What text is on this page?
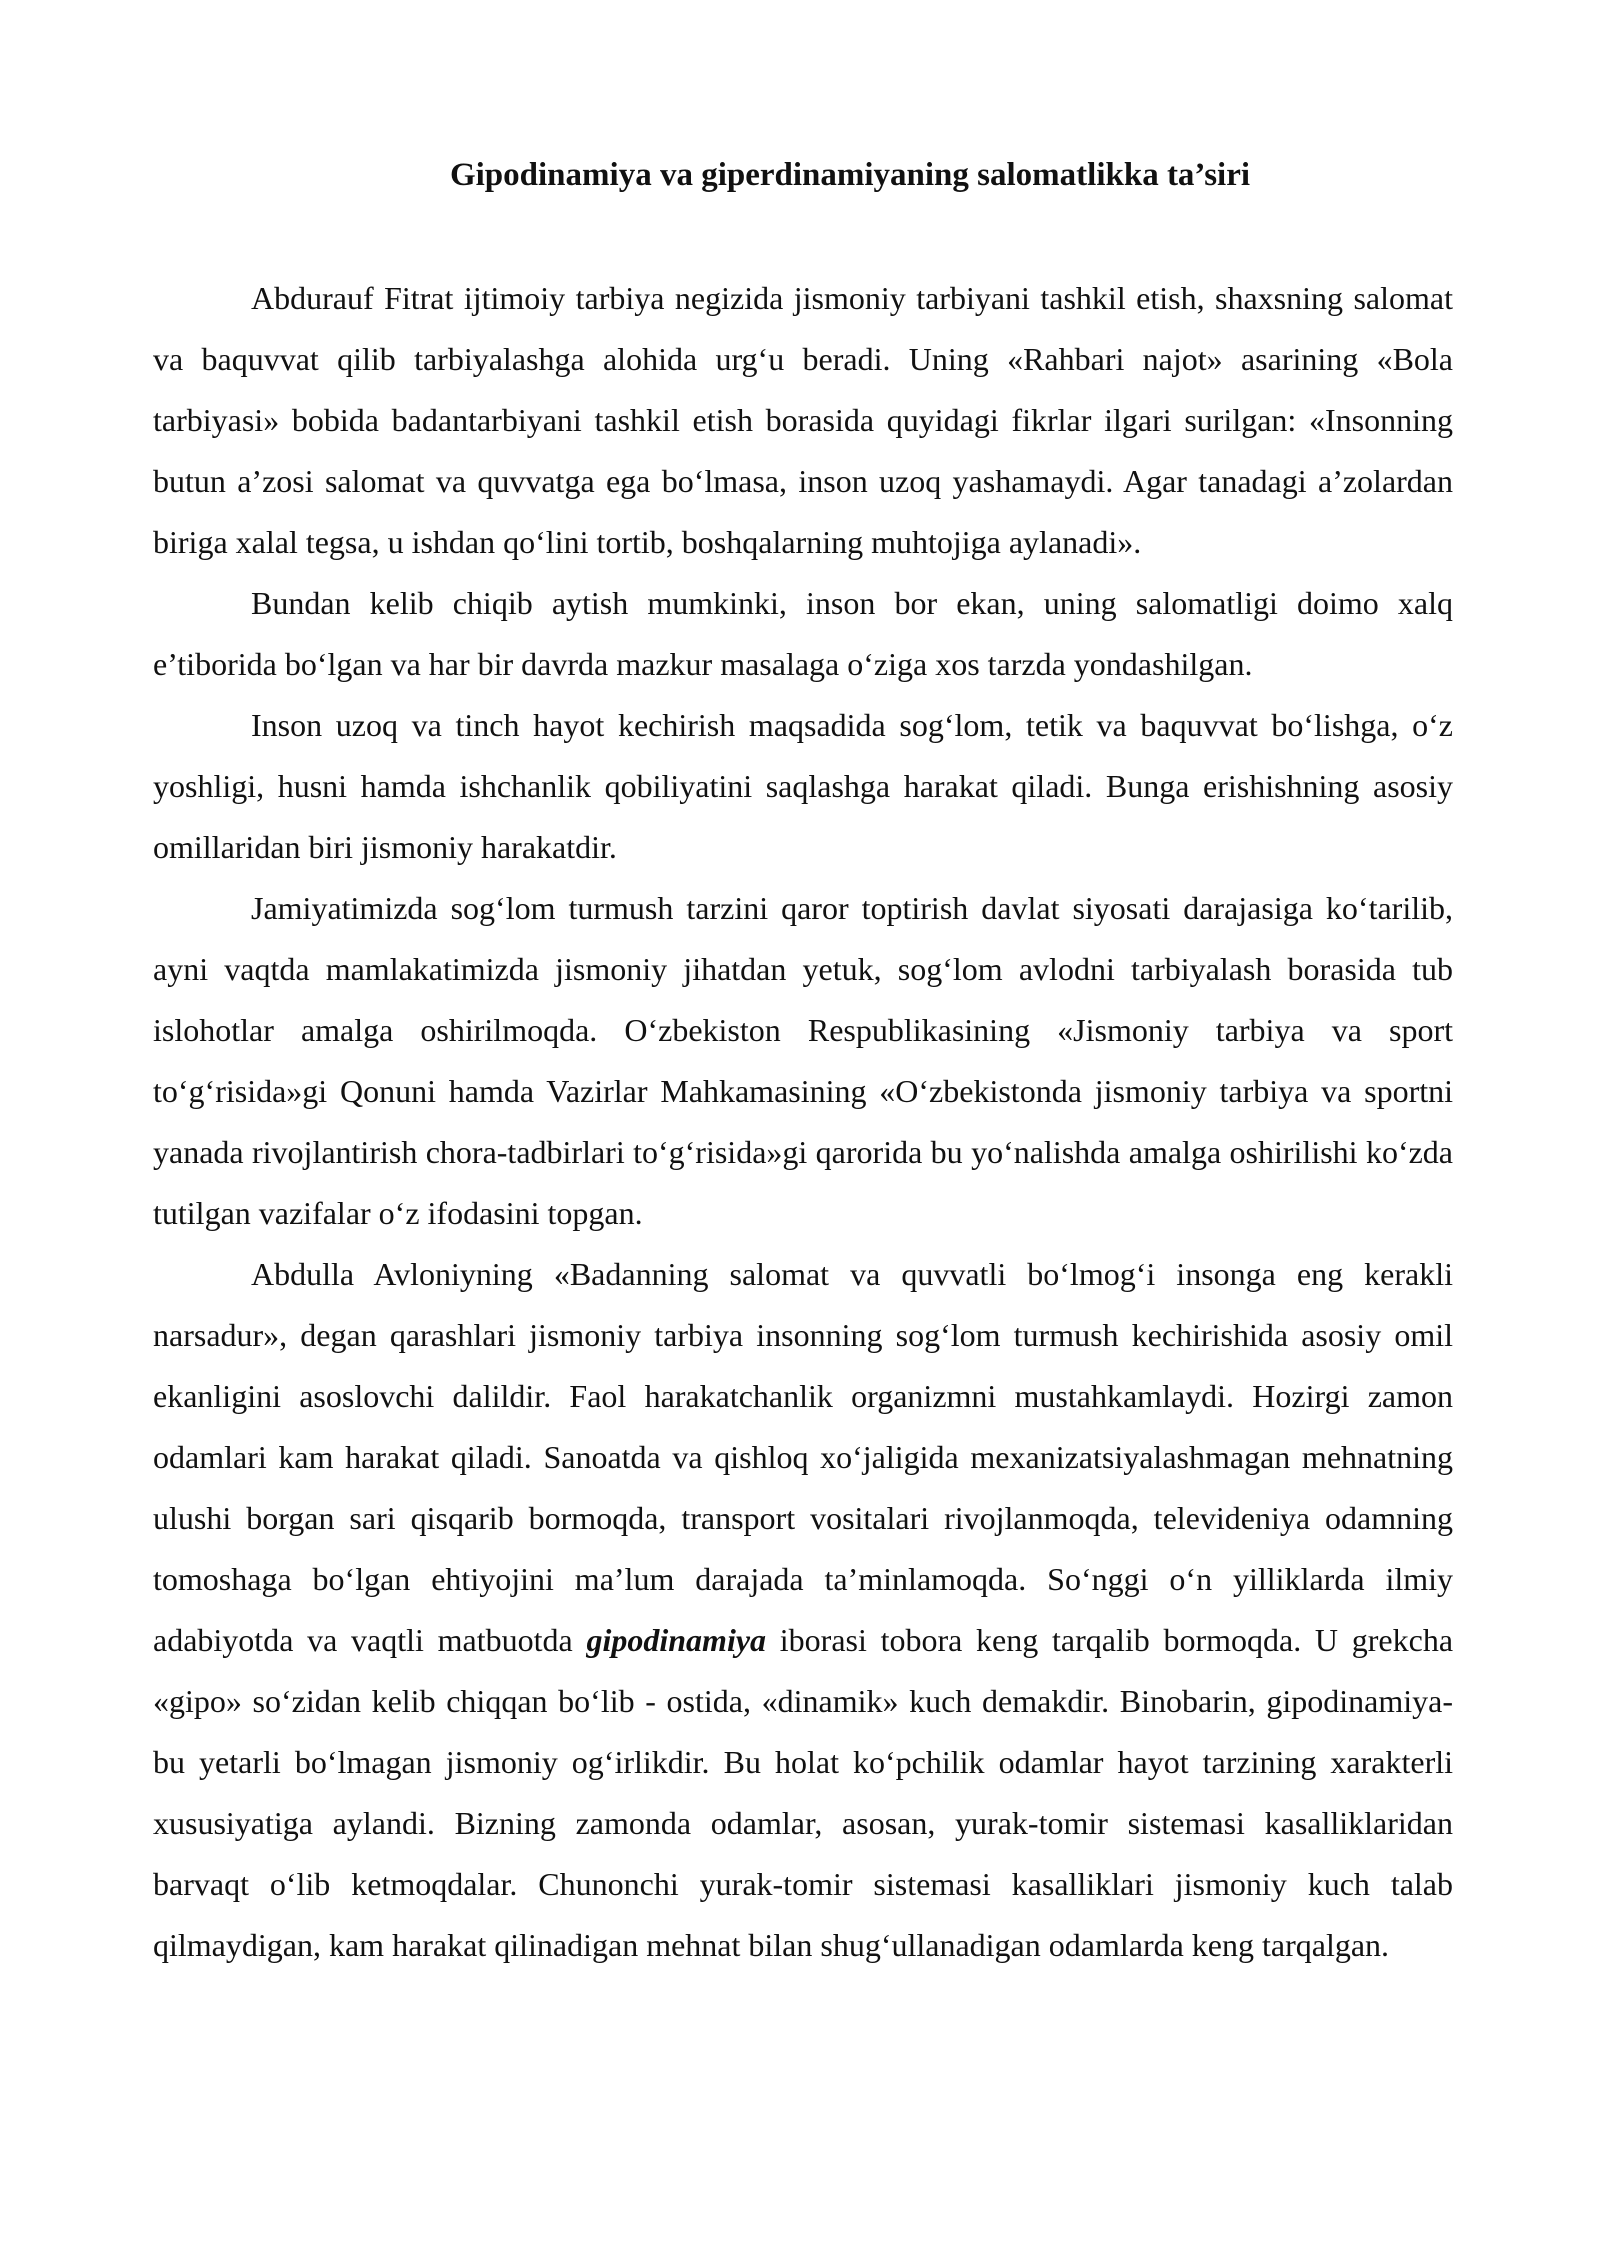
Gipodinamiya va giperdinamiyaning salomatlikka ta’siri

Abdurauf Fitrat ijtimoiy tarbiya negizida jismoniy tarbiyani tashkil etish, shaxsning salomat va baquvvat qilib tarbiyalashga alohida urg‘u beradi. Uning «Rahbari najot» asarining «Bola tarbiyasi» bobida badantarbiyani tashkil etish borasida quyidagi fikrlar ilgari surilgan: «Insonning butun a’zosi salomat va quvvatga ega bo‘lmasa, inson uzoq yashamaydi. Agar tanadagi a’zolardan biriga xalal tegsa, u ishdan qo‘lini tortib, boshqalarning muhtojiga aylanadi».

Bundan kelib chiqib aytish mumkinki, inson bor ekan, uning salomatligi doimo xalq e’tiborida bo‘lgan va har bir davrda mazkur masalaga o‘ziga xos tarzda yondashilgan.

Inson uzoq va tinch hayot kechirish maqsadida sog‘lom, tetik va baquvvat bo‘lishga, o‘z yoshligi, husni hamda ishchanlik qobiliyatini saqlashga harakat qiladi. Bunga erishishning asosiy omillaridan biri jismoniy harakatdir.

Jamiyatimizda sog‘lom turmush tarzini qaror toptirish davlat siyosati darajasiga ko‘tarilib, ayni vaqtda mamlakatimizda jismoniy jihatdan yetuk, sog‘lom avlodni tarbiyalash borasida tub islohotlar amalga oshirilmoqda. O‘zbekiston Respublikasining «Jismoniy tarbiya va sport to‘g‘risida»gi Qonuni hamda Vazirlar Mahkamasining «O‘zbekistonda jismoniy tarbiya va sportni yanada rivojlantirish chora-tadbirlari to‘g‘risida»gi qarorida bu yo‘nalishda amalga oshirilishi ko‘zda tutilgan vazifalar o‘z ifodasini topgan.

Abdulla Avloniyning «Badanning salomat va quvvatli bo‘lmog‘i insonga eng kerakli narsadur», degan qarashlari jismoniy tarbiya insonning sog‘lom turmush kechirishida asosiy omil ekanligini asoslovchi dalildir. Faol harakatchanlik organizmni mustahkamlaydi. Hozirgi zamon odamlari kam harakat qiladi. Sanoatda va qishloq xo‘jaligida mexanizatsiyalashmagan mehnatning ulushi borgan sari qisqarib bormoqda, transport vositalari rivojlanmoqda, televideniya odamning tomoshaga bo‘lgan ehtiyojini ma’lum darajada ta’minlamoqda. So‘nggi o‘n yilliklarda ilmiy adabiyotda va vaqtli matbuotda gipodinamiya iborasi tobora keng tarqalib bormoqda. U grekcha «gipo» so‘zidan kelib chiqqan bo‘lib - ostida, «dinamik» kuch demakdir. Binobarin, gipodinamiya-bu yetarli bo‘lmagan jismoniy og‘irlikdir. Bu holat ko‘pchilik odamlar hayot tarzining xarakterli xususiyatiga aylandi. Bizning zamonda odamlar, asosan, yurak-tomir sistemasi kasalliklaridan barvaqt o‘lib ketmoqdalar. Chunonchi yurak-tomir sistemasi kasalliklari jismoniy kuch talab qilmaydigan, kam harakat qilinadigan mehnat bilan shug‘ullanadigan odamlarda keng tarqalgan.
